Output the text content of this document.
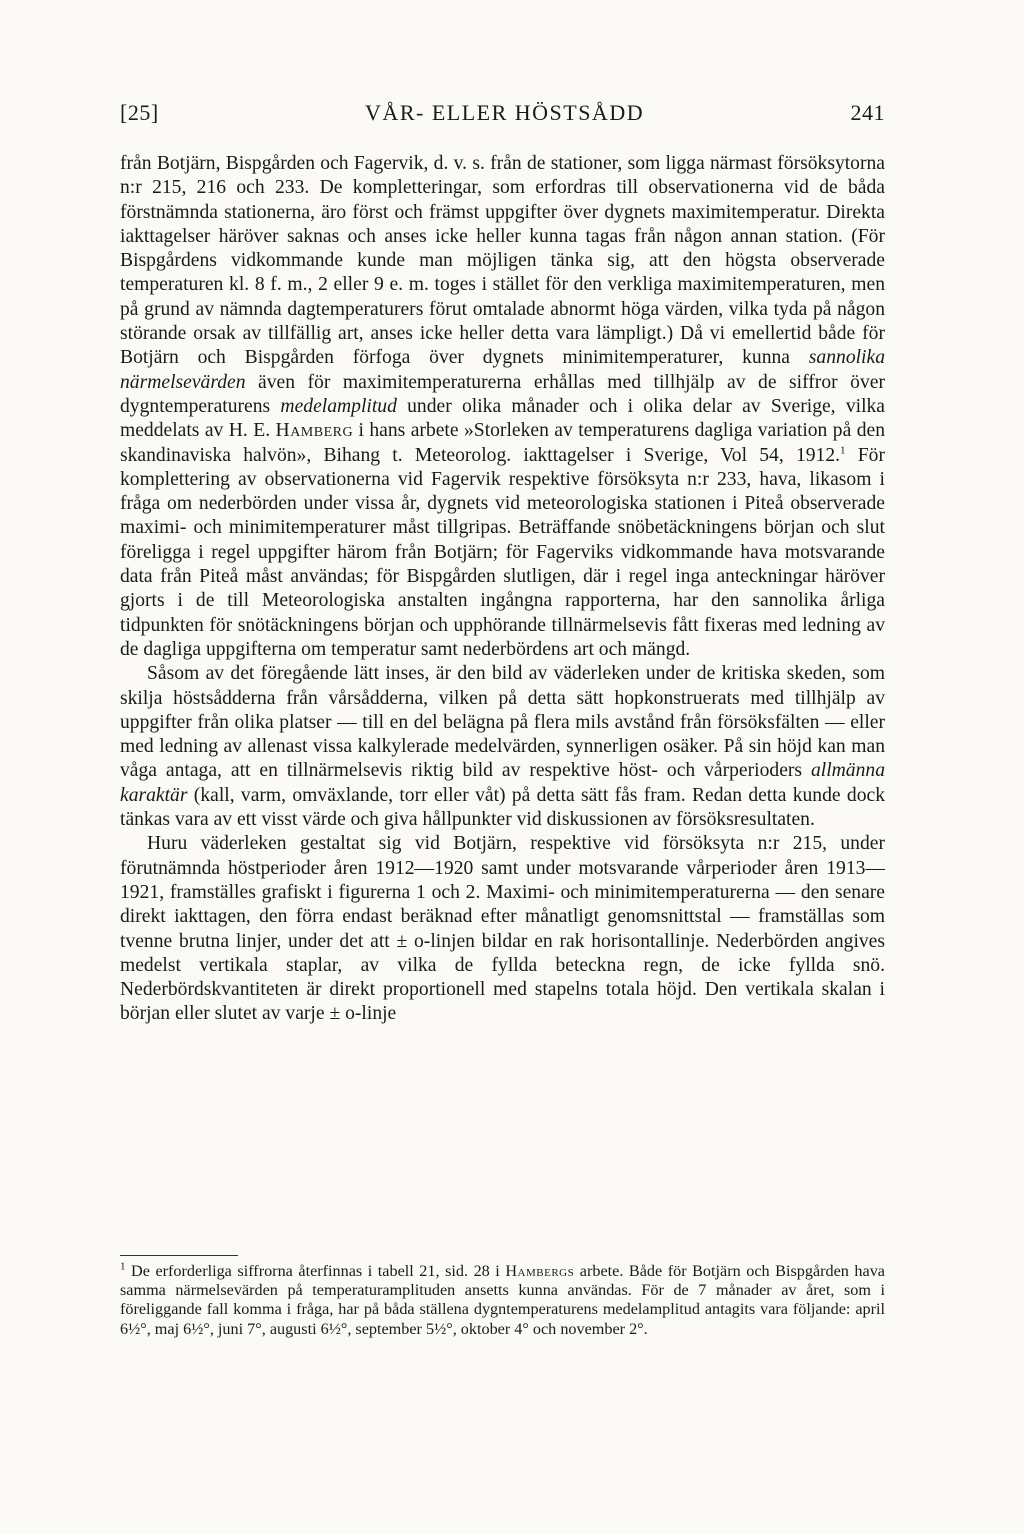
[25]	VÅR- ELLER HÖSTSÅDD	241

från Botjärn, Bispgården och Fagervik, d. v. s. från de stationer, som ligga närmast försöksytorna n:r 215, 216 och 233. De kompletteringar, som erfordras till observationerna vid de båda förstnämnda stationerna, äro först och främst uppgifter över dygnets maximitemperatur. Direkta iakttagelser häröver saknas och anses icke heller kunna tagas från någon annan station. (För Bispgårdens vidkommande kunde man möjligen tänka sig, att den högsta observerade temperaturen kl. 8 f. m., 2 eller 9 e. m. toges i stället för den verkliga maximitemperaturen, men på grund av nämnda dagtemperaturers förut omtalade abnormt höga värden, vilka tyda på någon störande orsak av tillfällig art, anses icke heller detta vara lämpligt.) Då vi emellertid både för Botjärn och Bispgården förfoga över dygnets minimitemperaturer, kunna sannolika närmelsevärden även för maximitemperaturerna erhållas med tillhjälp av de siffror över dygntemperaturens medelamplitud under olika månader och i olika delar av Sverige, vilka meddelats av H. E. Hamberg i hans arbete »Storleken av temperaturens dagliga variation på den skandinaviska halvön», Bihang t. Meteorolog. iakttagelser i Sverige, Vol 54, 1912.$^1$ För komplettering av observationerna vid Fagervik respektive försöksyta n:r 233, hava, likasom i fråga om nederbörden under vissa år, dygnets vid meteorologiska stationen i Piteå observerade maximi- och minimitemperaturer måst tillgripas. Beträffande snöbetäckningens början och slut föreligga i regel uppgifter härom från Botjärn; för Fagerviks vidkommande hava motsvarande data från Piteå måst användas; för Bispgården slutligen, där i regel inga anteckningar häröver gjorts i de till Meteorologiska anstalten ingångna rapporterna, har den sannolika årliga tidpunkten för snötäckningens början och upphörande tillnärmelsevis fått fixeras med ledning av de dagliga uppgifterna om temperatur samt nederbördens art och mängd.

Såsom av det föregående lätt inses, är den bild av väderleken under de kritiska skeden, som skilja höstsådderna från vårsådderna, vilken på detta sätt hopkonstruerats med tillhjälp av uppgifter från olika platser — till en del belägna på flera mils avstånd från försöksfälten — eller med ledning av allenast vissa kalkylerade medelvärden, synnerligen osäker. På sin höjd kan man våga antaga, att en tillnärmelsevis riktig bild av respektive höst- och vårperioders allmänna karaktär (kall, varm, omväxlande, torr eller våt) på detta sätt fås fram. Redan detta kunde dock tänkas vara av ett visst värde och giva hållpunkter vid diskussionen av försöksresultaten.

Huru väderleken gestaltat sig vid Botjärn, respektive vid försöksyta n:r 215, under förutnämnda höstperioder åren 1912—1920 samt under motsvarande vårperioder åren 1913—1921, framställes grafiskt i figurerna 1 och 2. Maximi- och minimitemperaturerna — den senare direkt iakttagen, den förra endast beräknad efter månatligt genomsnittstal — framställas som tvenne brutna linjer, under det att ± o-linjen bildar en rak horisontallinje. Nederbörden angives medelst vertikala staplar, av vilka de fyllda beteckna regn, de icke fyllda snö. Nederbördskvantiteten är direkt proportionell med stapelns totala höjd. Den vertikala skalan i början eller slutet av varje ± o-linje

$^1$ De erforderliga siffrorna återfinnas i tabell 21, sid. 28 i Hambergs arbete. Både för Botjärn och Bispgården hava samma närmelsevärden på temperaturamplituden ansetts kunna användas. För de 7 månader av året, som i föreliggande fall komma i fråga, har på båda ställena dygntemperaturens medelamplitud antagits vara följande: april 6½°, maj 6½°, juni 7°, augusti 6½°, september 5½°, oktober 4° och november 2°.
